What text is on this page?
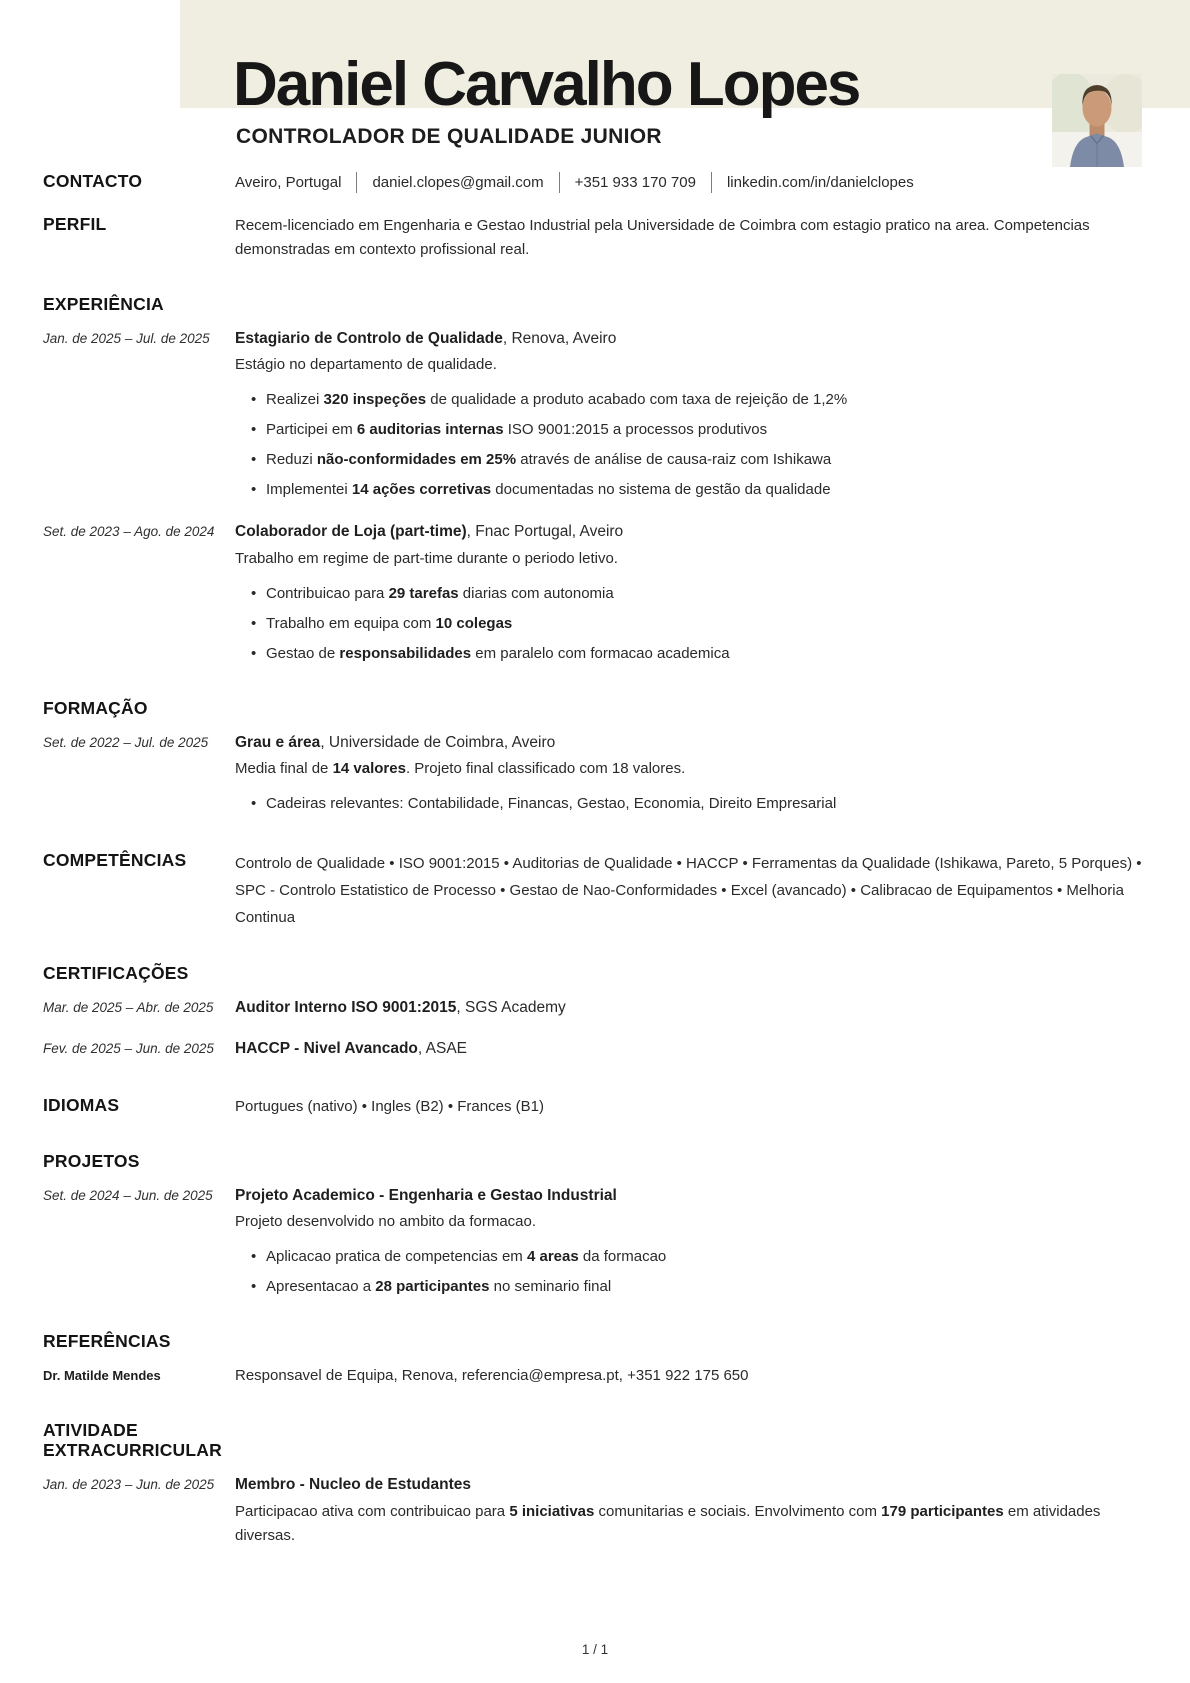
Daniel Carvalho Lopes
CONTROLADOR DE QUALIDADE JUNIOR
CONTACTO	Aveiro, Portugal daniel.clopes@gmail.com +351 933 170 709 linkedin.com/in/danielclopes
PERFIL	Recem-licenciado em Engenharia e Gestao Industrial pela Universidade de Coimbra com estagio pratico na area. Competencias demonstradas em contexto profissional real.
EXPERIÊNCIA
Jan. de 2025 – Jul. de 2025	Estagiario de Controlo de Qualidade, Renova, Aveiro
Estágio no departamento de qualidade.
• Realizei 320 inspeções de qualidade a produto acabado com taxa de rejeição de 1,2%
• Participei em 6 auditorias internas ISO 9001:2015 a processos produtivos
• Reduzi não-conformidades em 25% através de análise de causa-raiz com Ishikawa
• Implementei 14 ações corretivas documentadas no sistema de gestão da qualidade
Set. de 2023 – Ago. de 2024	Colaborador de Loja (part-time), Fnac Portugal, Aveiro
Trabalho em regime de part-time durante o periodo letivo.
• Contribuicao para 29 tarefas diarias com autonomia
• Trabalho em equipa com 10 colegas
• Gestao de responsabilidades em paralelo com formacao academica
FORMAÇÃO
Set. de 2022 – Jul. de 2025	Grau e área, Universidade de Coimbra, Aveiro
Media final de 14 valores. Projeto final classificado com 18 valores.
• Cadeiras relevantes: Contabilidade, Financas, Gestao, Economia, Direito Empresarial
COMPETÊNCIAS	Controlo de Qualidade • ISO 9001:2015 • Auditorias de Qualidade • HACCP • Ferramentas da Qualidade (Ishikawa, Pareto, 5 Porques) • SPC - Controlo Estatistico de Processo • Gestao de Nao-Conformidades • Excel (avancado) • Calibracao de Equipamentos • Melhoria Continua
CERTIFICAÇÕES
Mar. de 2025 – Abr. de 2025	Auditor Interno ISO 9001:2015, SGS Academy
Fev. de 2025 – Jun. de 2025	HACCP - Nivel Avancado, ASAE
IDIOMAS	Portugues (nativo) • Ingles (B2) • Frances (B1)
PROJETOS
Set. de 2024 – Jun. de 2025	Projeto Academico - Engenharia e Gestao Industrial
Projeto desenvolvido no ambito da formacao.
• Aplicacao pratica de competencias em 4 areas da formacao
• Apresentacao a 28 participantes no seminario final
REFERÊNCIAS
Dr. Matilde Mendes	Responsavel de Equipa, Renova, referencia@empresa.pt, +351 922 175 650
ATIVIDADE EXTRACURRICULAR
Jan. de 2023 – Jun. de 2025	Membro - Nucleo de Estudantes
Participacao ativa com contribuicao para 5 iniciativas comunitarias e sociais. Envolvimento com 179 participantes em atividades diversas.
1 / 1
